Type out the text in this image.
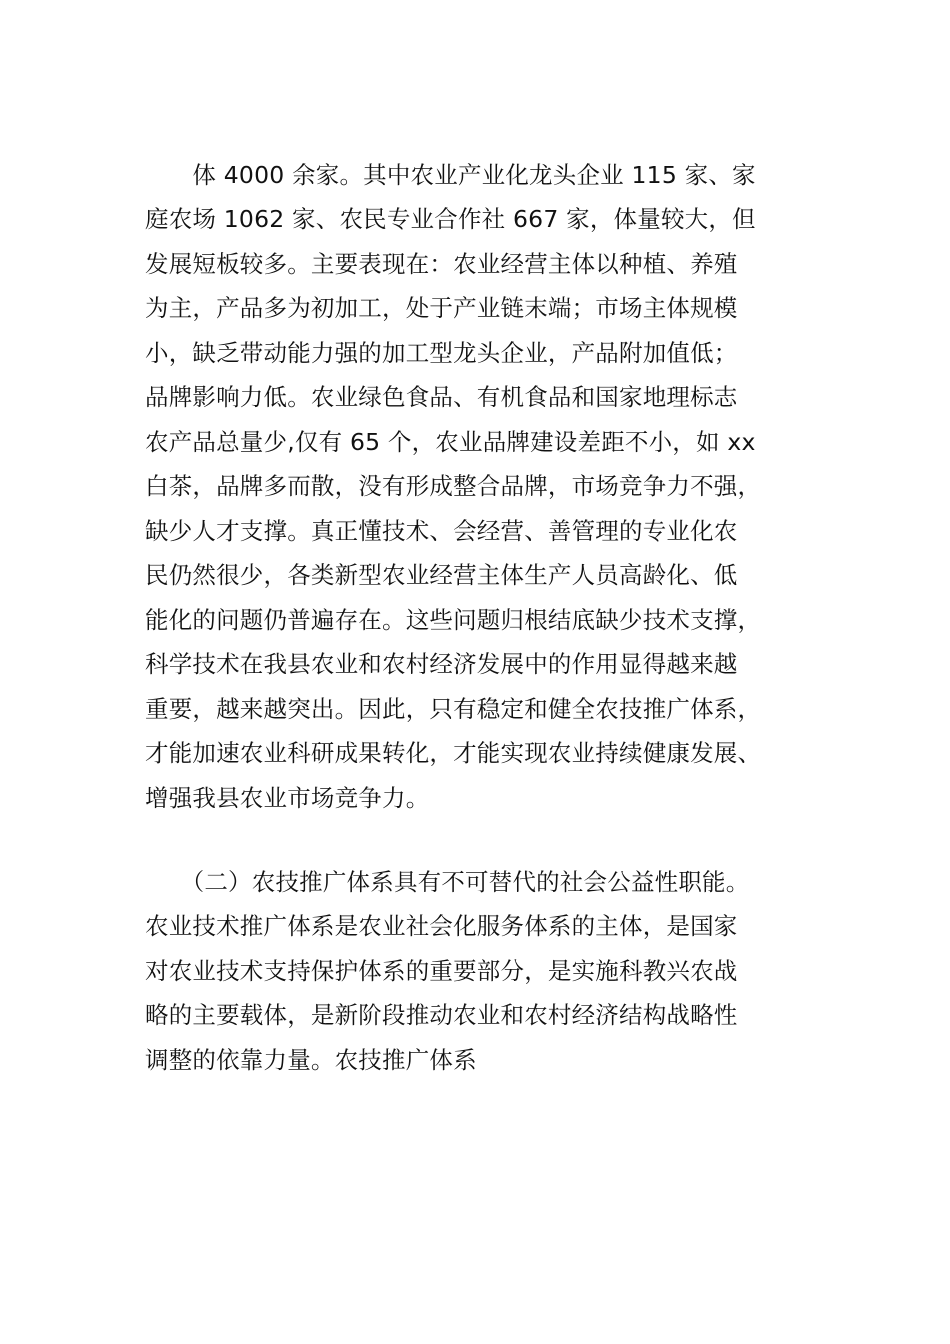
　　体 4000 余家。其中农业产业化龙头企业 115 家、家
庭农场 1062 家、农民专业合作社 667 家，体量较大，但
发展短板较多。主要表现在：农业经营主体以种植、养殖
为主，产品多为初加工，处于产业链末端；市场主体规模
小，缺乏带动能力强的加工型龙头企业，产品附加值低；
品牌影响力低。农业绿色食品、有机食品和国家地理标志
农产品总量少,仅有 65 个，农业品牌建设差距不小，如 xx
白茶，品牌多而散，没有形成整合品牌，市场竞争力不强，
缺少人才支撑。真正懂技术、会经营、善管理的专业化农
民仍然很少，各类新型农业经营主体生产人员高龄化、低
能化的问题仍普遍存在。这些问题归根结底缺少技术支撑，
科学技术在我县农业和农村经济发展中的作用显得越来越
重要，越来越突出。因此，只有稳定和健全农技推广体系，
才能加速农业科研成果转化，才能实现农业持续健康发展、
增强我县农业市场竞争力。
　　（二）农技推广体系具有不可替代的社会公益性职能。
农业技术推广体系是农业社会化服务体系的主体，是国家
对农业技术支持保护体系的重要部分，是实施科教兴农战
略的主要载体，是新阶段推动农业和农村经济结构战略性
调整的依靠力量。农技推广体系
